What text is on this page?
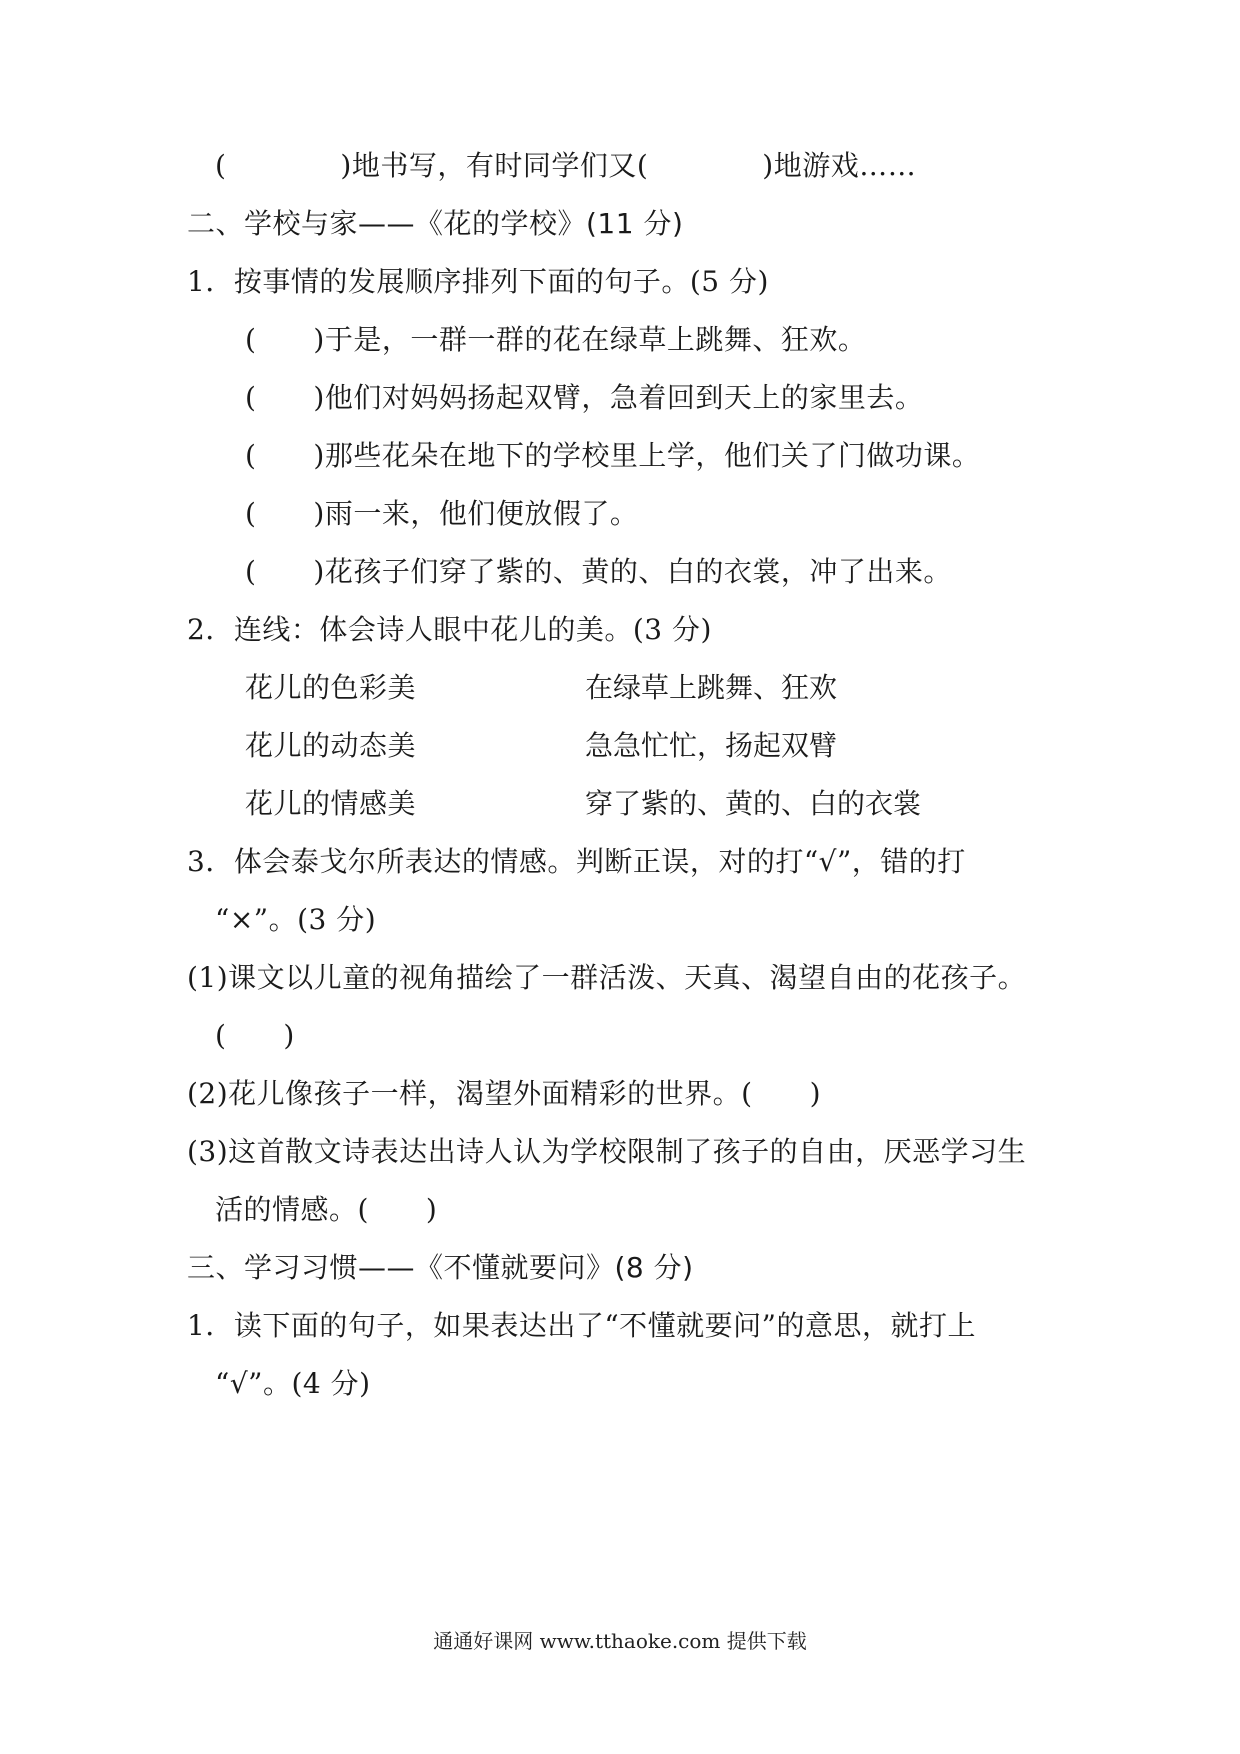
(　　　　)地书写，有时同学们又(　　　　)地游戏……
二、学校与家——《花的学校》(11 分)
1．按事情的发展顺序排列下面的句子。(5 分)
(　　)于是，一群一群的花在绿草上跳舞、狂欢。
(　　)他们对妈妈扬起双臂，急着回到天上的家里去。
(　　)那些花朵在地下的学校里上学，他们关了门做功课。
(　　)雨一来，他们便放假了。
(　　)花孩子们穿了紫的、黄的、白的衣裳，冲了出来。
2．连线：体会诗人眼中花儿的美。(3 分)
花儿的色彩美	在绿草上跳舞、狂欢
花儿的动态美	急急忙忙，扬起双臂
花儿的情感美	穿了紫的、黄的、白的衣裳
3．体会泰戈尔所表达的情感。判断正误，对的打“√”，错的打
“×”。(3 分)
(1)课文以儿童的视角描绘了一群活泼、天真、渴望自由的花孩子。
(　　)
(2)花儿像孩子一样，渴望外面精彩的世界。(　　)
(3)这首散文诗表达出诗人认为学校限制了孩子的自由，厌恶学习生
活的情感。(　　)
三、学习习惯——《不懂就要问》(8 分)
1．读下面的句子，如果表达出了“不懂就要问”的意思，就打上
“√”。(4 分)
通通好课网 www.tthaoke.com 提供下载
